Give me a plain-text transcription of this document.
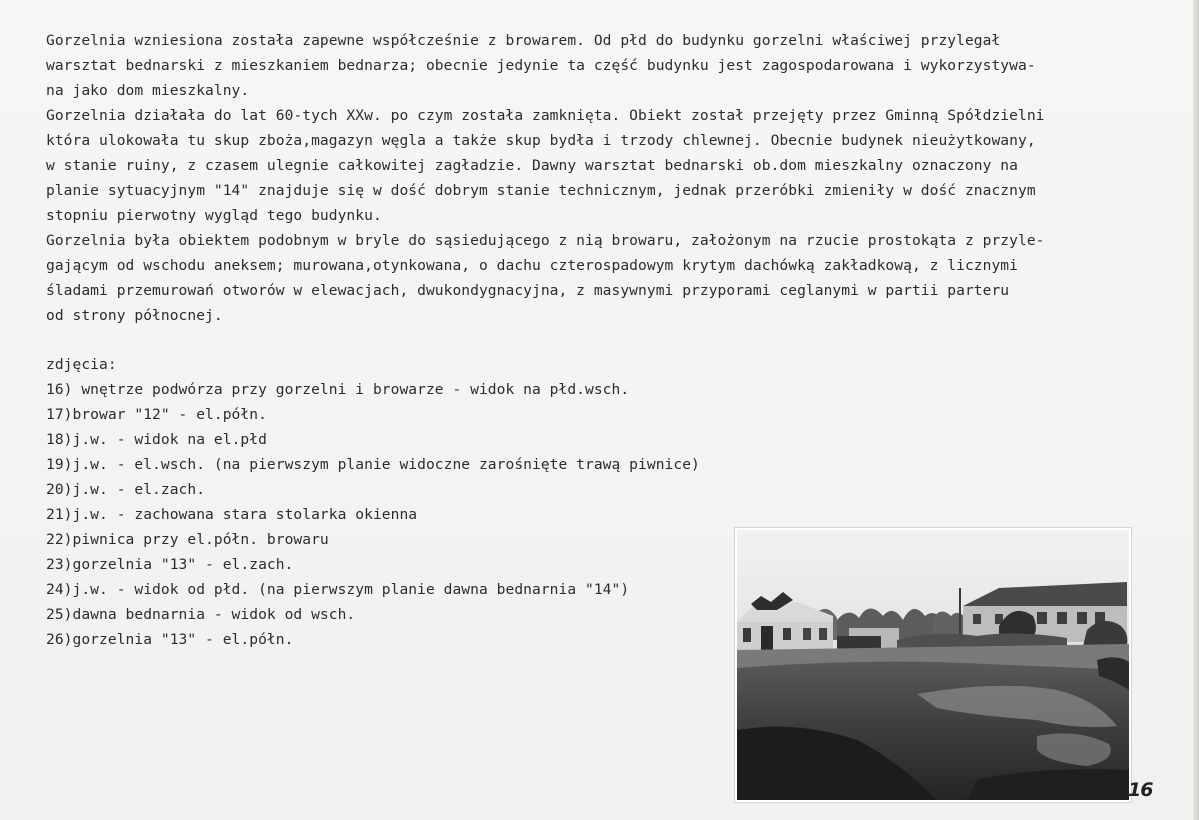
Gorzelnia wzniesiona została zapewne współcześnie z browarem. Od płd do budynku gorzelni właściwej przylegał
warsztat bednarski z mieszkaniem bednarza; obecnie jedynie ta część budynku jest zagospodarowana i wykorzystywa-
na jako dom mieszkalny.
Gorzelnia działała do lat 60-tych XXw. po czym została zamknięta. Obiekt został przejęty przez Gminną Spółdzielni
która ulokowała tu skup zboża,magazyn węgla a także skup bydła i trzody chlewnej. Obecnie budynek nieużytkowany,
w stanie ruiny, z czasem ulegnie całkowitej zagładzie. Dawny warsztat bednarski ob.dom mieszkalny oznaczony na
planie sytuacyjnym "14" znajduje się w dość dobrym stanie technicznym, jednak przeróbki zmieniły w dość znacznym
stopniu pierwotny wygląd tego budynku.
Gorzelnia była obiektem podobnym w bryle do sąsiedującego z nią browaru, założonym na rzucie prostokąta z przyle-
gającym od wschodu aneksem; murowana,otynkowana, o dachu czterospadowym krytym dachówką zakładkową, z licznymi
śladami przemurowań otworów w elewacjach, dwukondygnacyjna, z masywnymi przyporami ceglanymi w partii parteru
od strony północnej.
zdjęcia:
16) wnętrze podwórza przy gorzelni i browarze - widok na płd.wsch.
17)browar "12" - el.półn.
18)j.w. - widok na el.płd
19)j.w. - el.wsch. (na pierwszym planie widoczne zarośnięte trawą piwnice)
20)j.w. - el.zach.
21)j.w. - zachowana stara stolarka okienna
22)piwnica przy el.półn. browaru
23)gorzelnia "13" - el.zach.
24)j.w. - widok od płd. (na pierwszym planie dawna bednarnia "14")
25)dawna bednarnia - widok od wsch.
26)gorzelnia "13" - el.półn.
16
